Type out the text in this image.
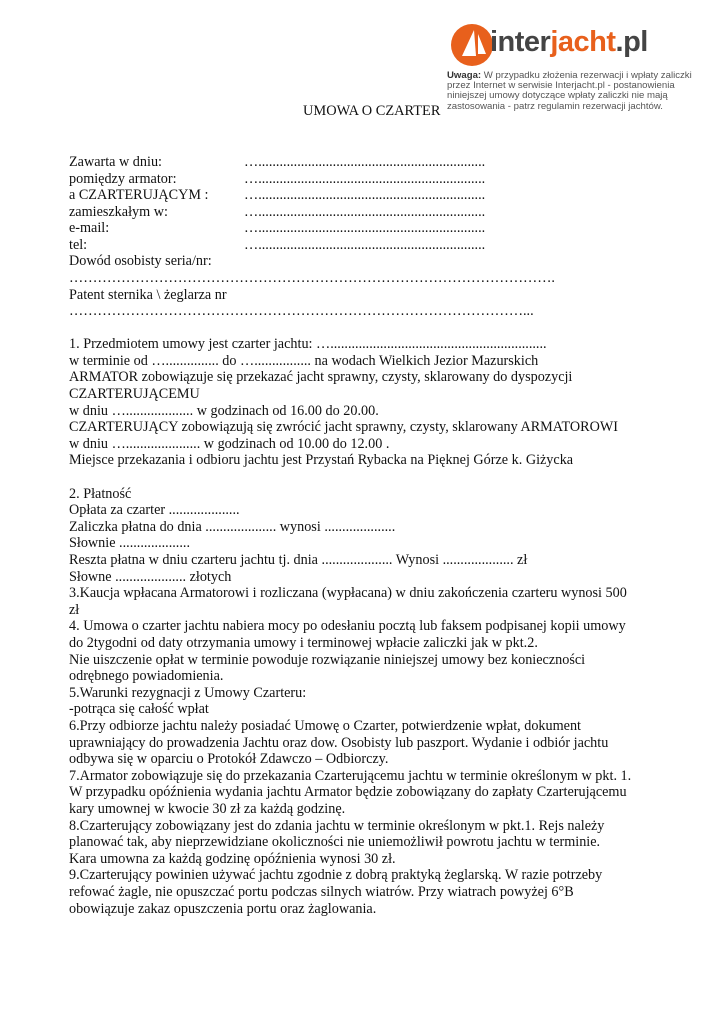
interjacht.pl
Uwaga: W przypadku złożenia rezerwacji i wpłaty zaliczki
przez Internet w serwisie Interjacht.pl - postanowienia
niniejszej umowy dotyczące wpłaty zaliczki nie mają
zastosowania - patrz regulamin rezerwacji jachtów.
UMOWA O CZARTER
Zawarta w dniu:	…................................................................
pomiędzy armator:	…................................................................
a CZARTERUJĄCYM :	…................................................................
zamieszkałym w:	…................................................................
e-mail:	…................................................................
tel:	…................................................................
Dowód osobisty seria/nr:
………………………………………………………………………………………….
Patent sternika \ żeglarza nr
……………………………………………………………………………………...
1. Przedmiotem umowy jest czarter jachtu: ….............................................................
w terminie od …............... do …................ na wodach Wielkich Jezior Mazurskich
ARMATOR zobowiązuje się przekazać jacht sprawny, czysty, sklarowany do dyspozycji
CZARTERUJĄCEMU
w dniu …................... w godzinach od 16.00 do 20.00.
CZARTERUJĄCY zobowiązują się zwrócić jacht sprawny, czysty, sklarowany ARMATOROWI
w dniu …..................... w godzinach od 10.00 do 12.00 .
Miejsce przekazania i odbioru jachtu jest Przystań Rybacka na Pięknej Górze k. Giżycka
2. Płatność
Opłata za czarter ....................
Zaliczka płatna do dnia .................... wynosi ....................
Słownie ....................
Reszta płatna w dniu czarteru jachtu tj. dnia .................... Wynosi .................... zł
Słowne .................... złotych
3.Kaucja wpłacana Armatorowi i rozliczana (wypłacana) w dniu zakończenia czarteru wynosi 500
zł
4. Umowa o czarter jachtu nabiera mocy po odesłaniu pocztą lub faksem podpisanej kopii umowy
do 2tygodni od daty otrzymania umowy i terminowej wpłacie zaliczki jak w pkt.2.
Nie uiszczenie opłat w terminie powoduje rozwiązanie niniejszej umowy bez konieczności
odrębnego powiadomienia.
5.Warunki rezygnacji z Umowy Czarteru:
-potrąca się całość wpłat
6.Przy odbiorze jachtu należy posiadać Umowę o Czarter, potwierdzenie wpłat, dokument
uprawniający do prowadzenia Jachtu oraz dow. Osobisty lub paszport. Wydanie i odbiór jachtu
odbywa się w oparciu o Protokół Zdawczo – Odbiorczy.
7.Armator zobowiązuje się do przekazania Czarterującemu jachtu w terminie określonym w pkt. 1.
W przypadku opóźnienia wydania jachtu Armator będzie zobowiązany do zapłaty Czarterującemu
kary umownej w kwocie 30 zł za każdą godzinę.
8.Czarterujący zobowiązany jest do zdania jachtu w terminie określonym w pkt.1. Rejs należy
planować tak, aby nieprzewidziane okoliczności nie uniemożliwił powrotu jachtu w terminie.
Kara umowna za każdą godzinę opóźnienia wynosi 30 zł.
9.Czarterujący powinien używać jachtu zgodnie z dobrą praktyką żeglarską. W razie potrzeby
refować żagle, nie opuszczać portu podczas silnych wiatrów. Przy wiatrach powyżej 6°B
obowiązuje zakaz opuszczenia portu oraz żaglowania.
